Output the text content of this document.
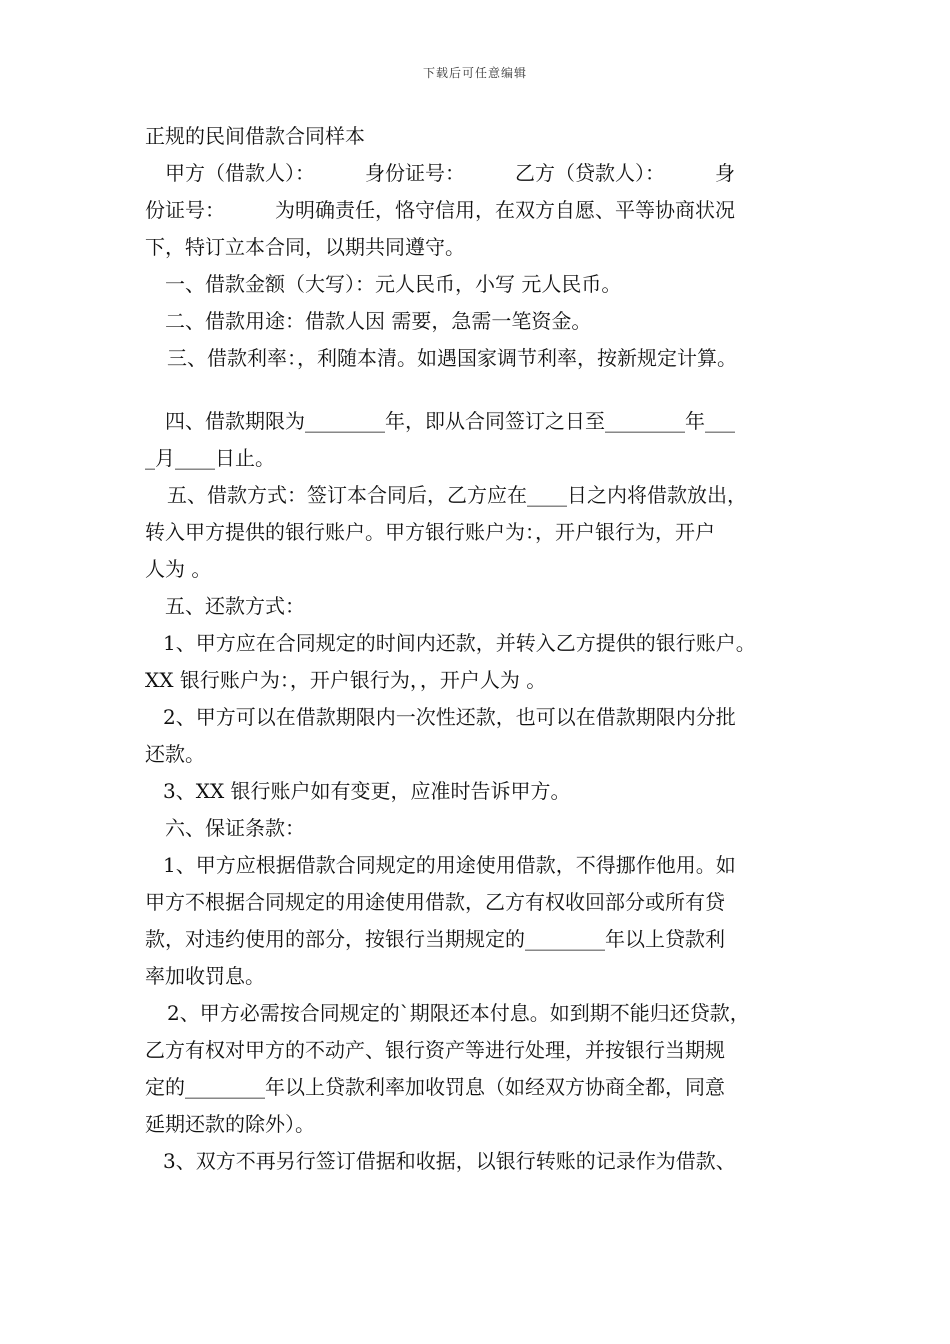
下载后可任意编辑

正规的民间借款合同样本

甲方（借款人）：　　　身份证号：　　　乙方（贷款人）：　　　身

份证号：　　　为明确责任，恪守信用，在双方自愿、平等协商状况

下，特订立本合同，以期共同遵守。

一、借款金额（大写）：元人民币，小写 元人民币。

二、借款用途：借款人因 需要，急需一笔资金。

三、借款利率：，利随本清。如遇国家调节利率，按新规定计算。

四、借款期限为________年，即从合同签订之日至________年___

_月____日止。

五、借款方式：签订本合同后，乙方应在____日之内将借款放出，

转入甲方提供的银行账户。甲方银行账户为：，开户银行为，开户

人为 。

五、还款方式：

1、甲方应在合同规定的时间内还款，并转入乙方提供的银行账户。

XX 银行账户为：，开户银行为，，开户人为 。

2、甲方可以在借款期限内一次性还款，也可以在借款期限内分批

还款。

3、XX 银行账户如有变更，应准时告诉甲方。

六、保证条款：

1、甲方应根据借款合同规定的用途使用借款，不得挪作他用。如

甲方不根据合同规定的用途使用借款，乙方有权收回部分或所有贷

款，对违约使用的部分，按银行当期规定的________年以上贷款利

率加收罚息。

2、甲方必需按合同规定的`期限还本付息。如到期不能归还贷款，

乙方有权对甲方的不动产、银行资产等进行处理，并按银行当期规

定的________年以上贷款利率加收罚息（如经双方协商全都，同意

延期还款的除外）。

3、双方不再另行签订借据和收据，以银行转账的记录作为借款、
